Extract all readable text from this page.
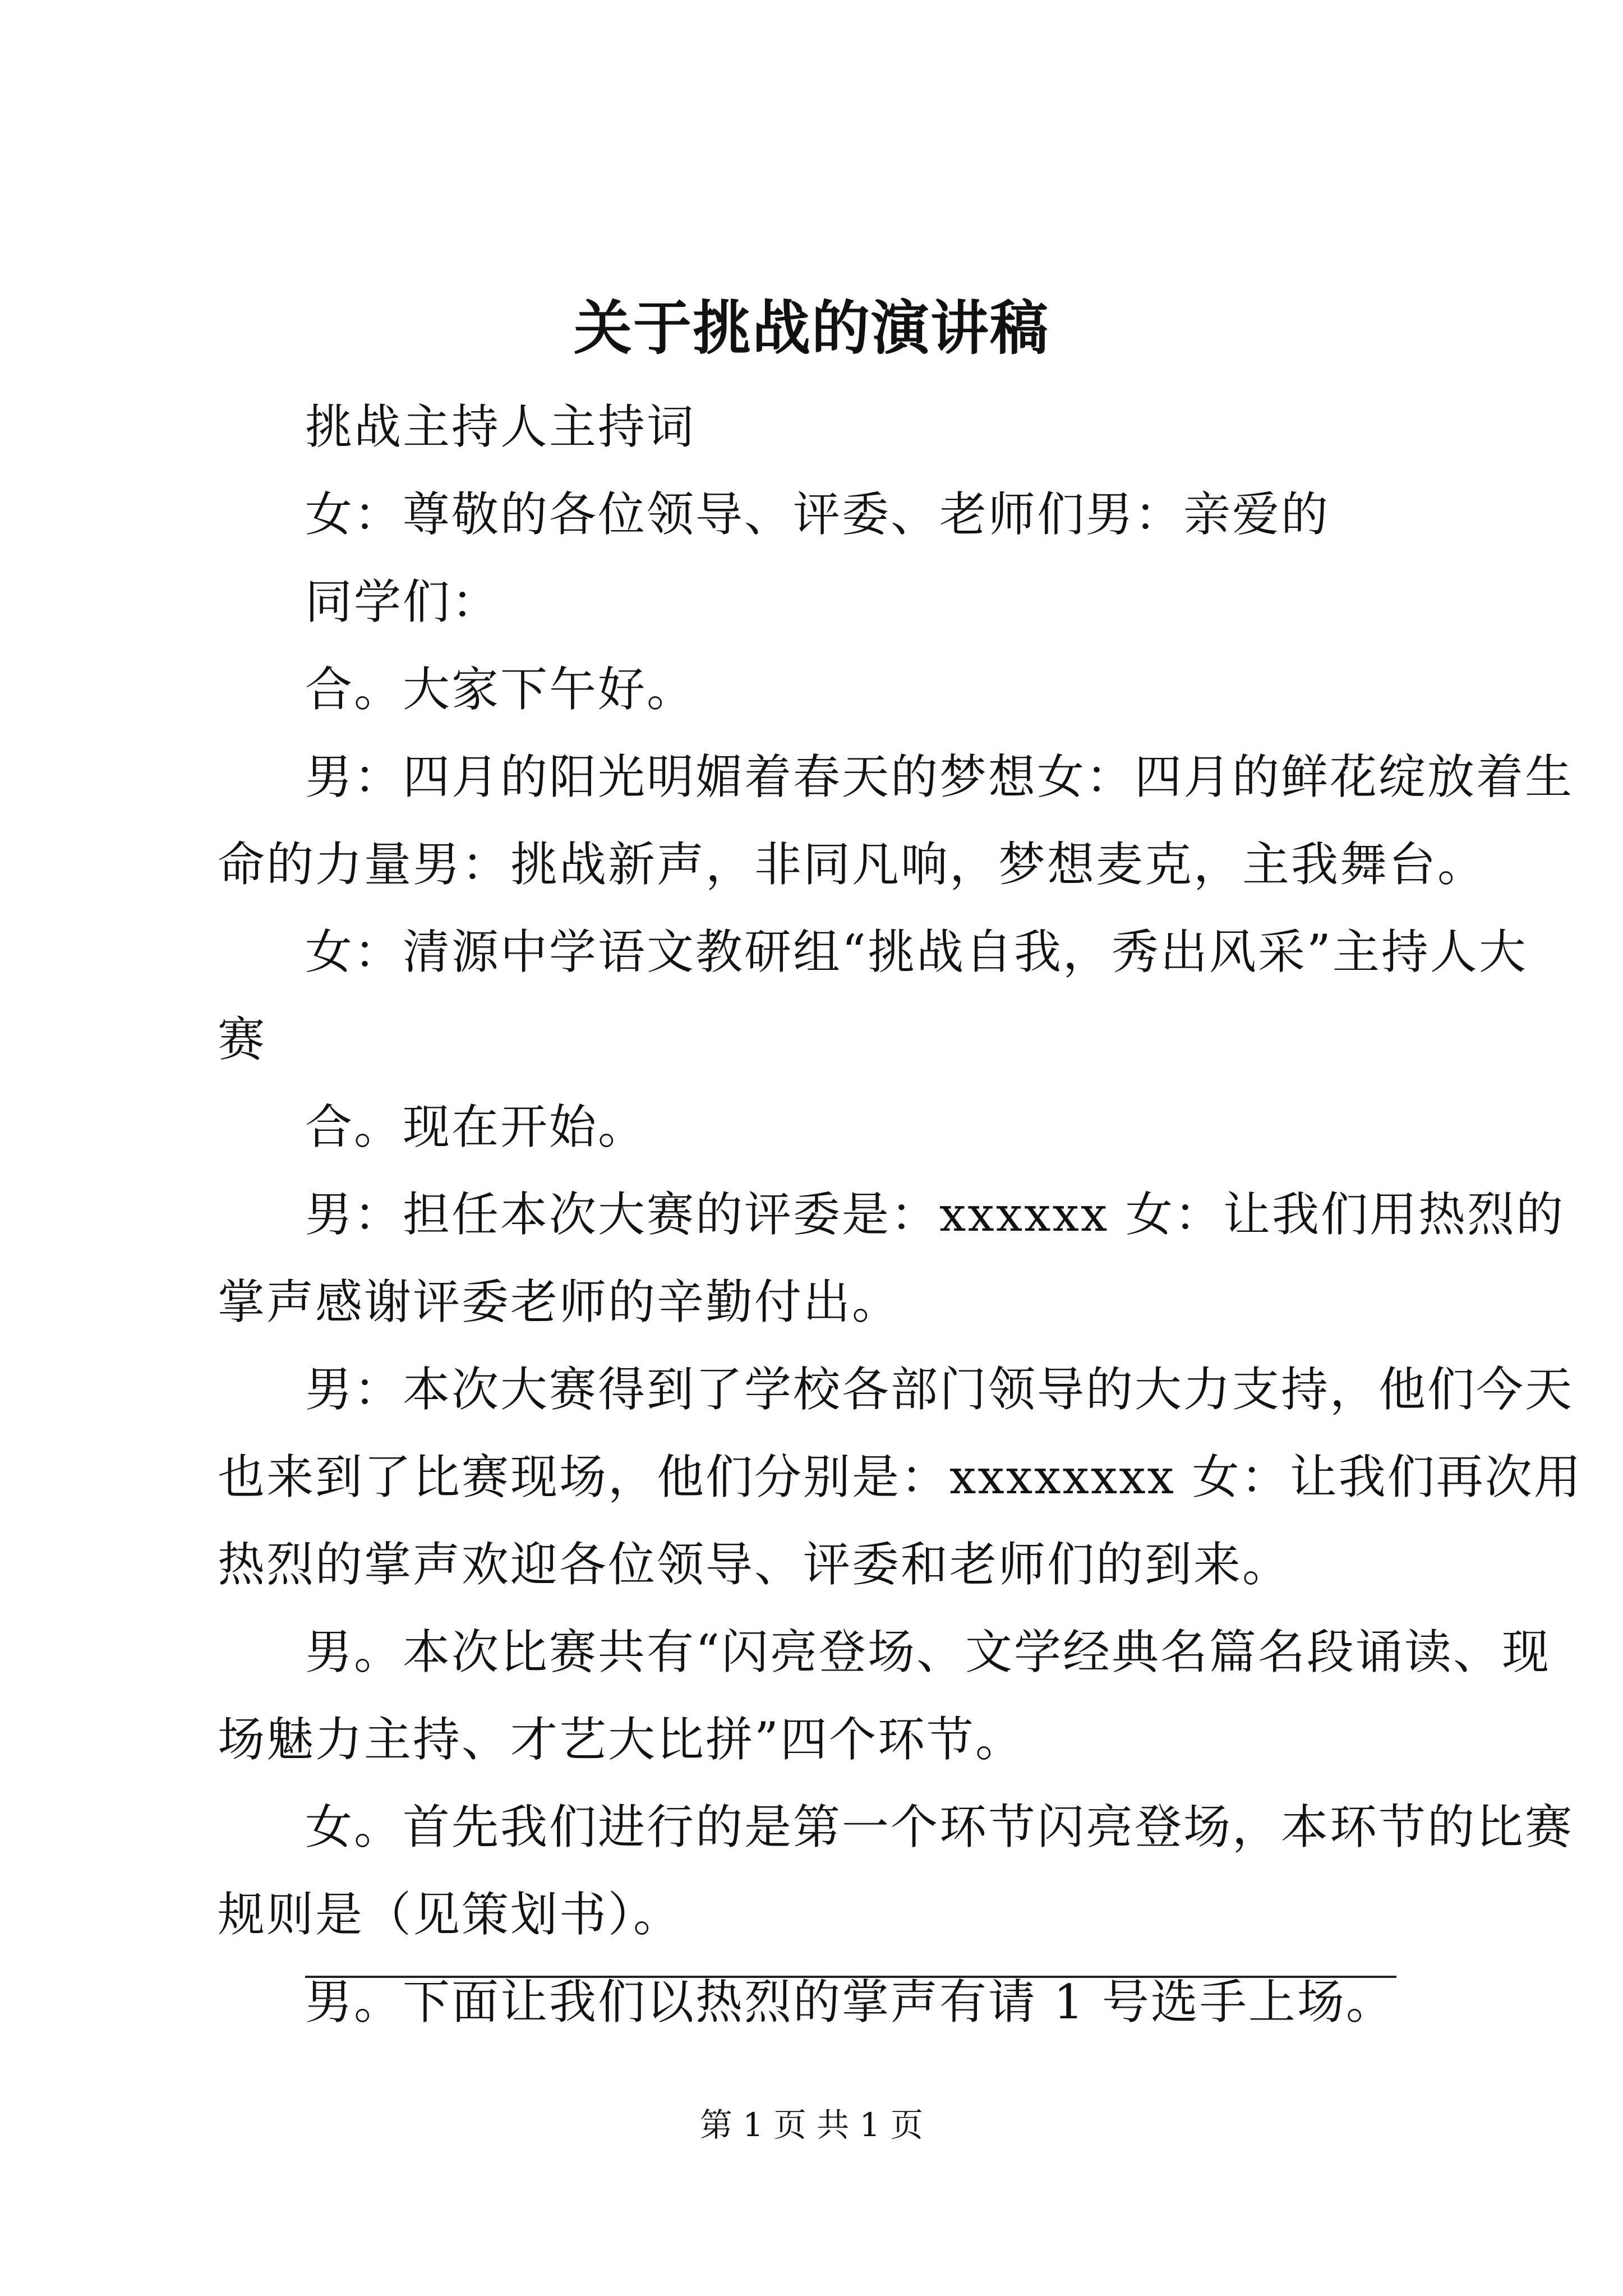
关于挑战的演讲稿
挑战主持人主持词
女：尊敬的各位领导、评委、老师们男：亲爱的
同学们：
合。大家下午好。
男：四月的阳光明媚着春天的梦想女：四月的鲜花绽放着生
命的力量男：挑战新声，非同凡响，梦想麦克，主我舞台。
女：清源中学语文教研组“挑战自我，秀出风采”主持人大
赛
合。现在开始。
男：担任本次大赛的评委是：xxxxxx 女：让我们用热烈的
掌声感谢评委老师的辛勤付出。
男：本次大赛得到了学校各部门领导的大力支持，他们今天
也来到了比赛现场，他们分别是：xxxxxxxx 女：让我们再次用
热烈的掌声欢迎各位领导、评委和老师们的到来。
男。本次比赛共有“闪亮登场、文学经典名篇名段诵读、现
场魅力主持、才艺大比拼”四个环节。
女。首先我们进行的是第一个环节闪亮登场，本环节的比赛
规则是（见策划书）。
男。下面让我们以热烈的掌声有请 1 号选手上场。
第 1 页 共 1 页
